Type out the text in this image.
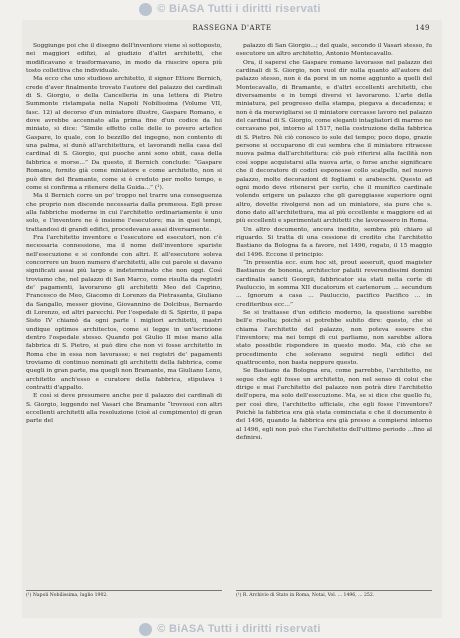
© BiASA Tutti i diritti riservati
RASSEGNA D'ARTE	149

Soggiunge poi che il disegno dell'inventore viene sì sottoposto, nei maggiori edifizi, al giudizio d'altri architetti, che modificavano e trasformavano, in modo da riuscire opera più tosto collettiva che individuale.

Ma ecco che uno studioso architetto, il signor Ettore Bernich, crede d'aver finalmente trovato l'autore del palazzo dei cardinali di S. Giorgio, o della Cancelleria in una lettera di Pietro Summonte ristampata nella Napoli Nobilissima (Volume VII, fasc. 12) al decorso d'un miniatore illustre, Gaspare Romano, e dove avrebbe accennato alla prima fine d'un codice da lui miniato, si dice: “Simile effetto colle delle io povero artefice Gaspare, lo quale, con lo bezzillo del ingegno, non contento di una palma, si dunò all'architettura, et lavorandi nella casa del cardinal di S. Giorgio, qui puoche anni sono obiit, casa della fabbrica e morse...” Da questo, il Bernich conclude: “Gaspare Romano, fornito già come miniatore e come architetto, non si può dire del Bramante, come si è creduto per molto tempo, e come si confirma a ritenere della Guida...” (¹).

Ma il Bernich corre un po' troppo nel trarre una conseguenza che proprio non discende necessaria dalla premessa. Egli prese alla fabbriche moderne in cui l'architetto ordinariamente è uno solo, e l'inventore ne è insieme l'esecutore; ma in quei tempi, trattandosi di grandi edifici, procedevano assai diversamente.

Fra l'architetto inventore e l'esecutore ed esecutori, non c'è necessaria connessione, ma il nome dell'inventore spariste nell'esecuzione e si confonde con altri. E all'esecutore soleva concorrere un buon numero d'architetti, alle cui parole si davano significati assai più largo e indeterminato che non oggi. Così troviamo che, nel palazzo di San Marco, come risulta da registri de' pagamenti, lavorarono gli architetti Meo del Caprino, Francesco de Meo, Giacomo di Lorenzo da Pietrasanta, Giuliano da Sangallo, messer giovine, Giovannino de Dolcibus, Bernardo di Lorenzo, ed altri parecchi. Per l'ospedale di S. Spirito, il papa Sisto IV chiamò da ogni parte i migliori architetti, mastri undique optimos architectos, come si legge in un'iscrizione dentro l'ospedale stesso. Quando poi Giulio II mise mano alla fabbrica di S. Pietro, si può dire che non vi fosse architetto in Roma che in essa non lavorasse; e nei registri de' pagamenti troviamo di continuo nominati gli architetti della fabbrica, come quegli in gran parte, ma quegli non Bramante, ma Giuliano Leno, architetto anch'esso e curatore della fabbrica, stipulava i contratti d'appalto.

E così si deve presumere anche per il palazzo dei cardinali di S. Giorgio, leggendo nel Vasari che Bramante “trovossi con altri eccellenti architetti alla resoluzione (cioè al compimento) di gran parte del

palazzo di San Giorgio...; del quale, secondo il Vasari stesso, fu esecutore un altro architetto, Antonio Montecavallo.

Ora, il sapersi che Gaspare romano lavorasse nel palazzo dei cardinali di S. Giorgio, non vuol dir nulla quanto all'autore del palazzo stesso, non è da porsi in un nome aggiunto a quelli del Montecavallo, di Bramante, e d'altri eccellenti architetti, che diversamente e in tempi diversi vi lavorarono. L'arte della miniatura, pel progresso della stampa, piegava a decadenza; e non è da meravigliarsi se il miniatore cercasse lavoro nel palazzo del cardinal di S. Giorgio, come eleganti intagliatori di marmo ne cercavano poi, intorno al 1517, nella costruzione della fabbrica di S. Pietro. Nè ciò conosco io sole del tempo; poco dopo, grazie persone si occuparono di cui sembra che il miniatore ritraesse nuova palma dall'architettura: ciò può riferirsi alla facilità non così soppe acquistarsi alla nuova arte, o forse anche significare che il decoratore di codici esponesse collo scalpello, nel nuovo palazzo, molte decorazioni di fogliami e arabeschi. Questo ad ogni modo deve ritenersi per certo, che il munifico cardinale volendo erigere un palazzo che gli gareggiasse superiore ogni altro, dovette rivolgersi non ad un miniatore, sia pure che s. dono dato all'architettura, ma al più eccellente e maggiore ed ai più eccellenti e sperimentati architetti che lavorassero in Roma.

Un altro documento, ancora inedito, sembra più chiaro al riguardo. Si tratta di una cessione di credito che l'architetto Bastiano da Bologna fa a favore, nel 1496, rogato, il 15 maggio del 1496. Eccone il principio:

“In presentia ecc. eum hoc sit, prout asseruit, quod magister Bastianus de bononia, architector palatii reverendissimi domini cardinalis sancti Georgii, fabbricator sia stati nella corte di Pauluccio, in somma XII ducatorum et carlenorum ... secundum ... Ignorum a casa ... Pauluccio, pacifico Pacifico ... in crediteribus ecc...”

Se si trattasse d'un edificio moderno, la questione sarebbe bell'e risolta; poichè si potrebbe subito dire: questo, che si chiama l'architetto del palazzo, non poteva essere che l'inventore; ma nei tempi di cui parliamo, non sarebbe allora stato possibile rispondere in questo modo. Ma, ciò che se procedimento che solevano seguirsi negli edifici del quattrocento, non basta neppure questo.

Se Bastiano da Bologna era, come parrebbe, l'architetto, ne segue che egli fosse un architetto, non nel senso di colui che dirige e mai l'architetto del palazzo non potrà dire l'architetto dell'opera, ma solo dell'esecuzione. Ma, se si dice che quello fu, per così dire, l'architetto ufficiale, che egli fosse l'inventore? Poichè la fabbrica era già stata cominciata e che il documento è del 1496, quando la fabbrica era già presso a compiersi intorno al 1496, egli non può che l'architetto dell'ultimo periodo ...fino al definirsi.

(¹) Napoli Nobilissima, luglio 1902.	(¹) R. Archivio di Stato in Roma, Notai, Vol. ... 1496, ... 252.
© BiASA Tutti i diritti riservati
